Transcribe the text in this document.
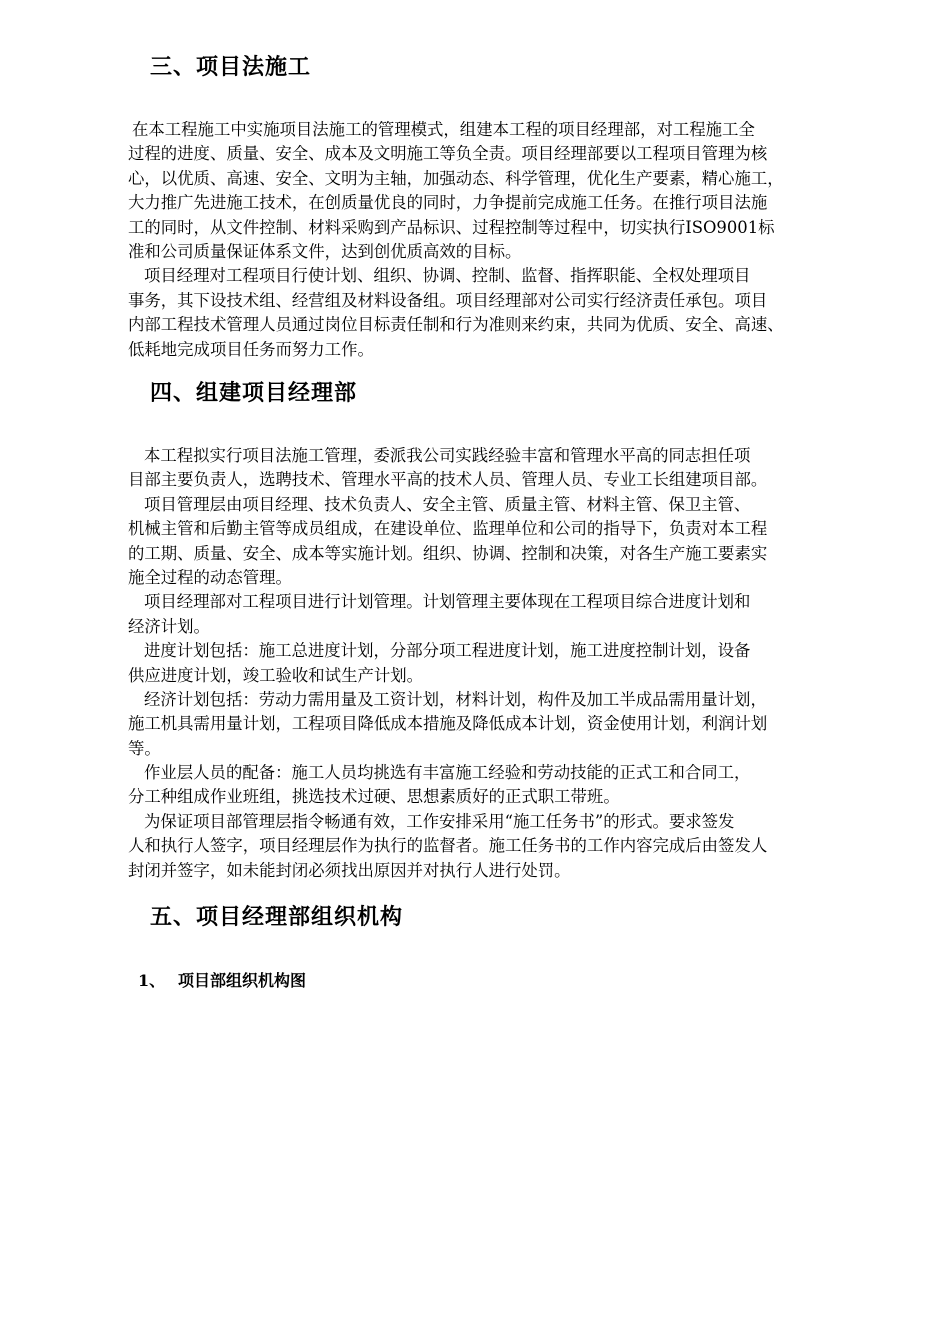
三、项目法施工
在本工程施工中实施项目法施工的管理模式，组建本工程的项目经理部，对工程施工全
过程的进度、质量、安全、成本及文明施工等负全责。项目经理部要以工程项目管理为核
心，以优质、高速、安全、文明为主轴，加强动态、科学管理，优化生产要素，精心施工，
大力推广先进施工技术，在创质量优良的同时，力争提前完成施工任务。在推行项目法施
工的同时，从文件控制、材料采购到产品标识、过程控制等过程中，切实执行ISO9001标
准和公司质量保证体系文件，达到创优质高效的目标。
项目经理对工程项目行使计划、组织、协调、控制、监督、指挥职能、全权处理项目
事务，其下设技术组、经营组及材料设备组。项目经理部对公司实行经济责任承包。项目
内部工程技术管理人员通过岗位目标责任制和行为准则来约束，共同为优质、安全、高速、
低耗地完成项目任务而努力工作。
四、组建项目经理部
本工程拟实行项目法施工管理，委派我公司实践经验丰富和管理水平高的同志担任项
目部主要负责人，选聘技术、管理水平高的技术人员、管理人员、专业工长组建项目部。
项目管理层由项目经理、技术负责人、安全主管、质量主管、材料主管、保卫主管、
机械主管和后勤主管等成员组成，在建设单位、监理单位和公司的指导下，负责对本工程
的工期、质量、安全、成本等实施计划。组织、协调、控制和决策，对各生产施工要素实
施全过程的动态管理。
项目经理部对工程项目进行计划管理。计划管理主要体现在工程项目综合进度计划和
经济计划。
进度计划包括：施工总进度计划，分部分项工程进度计划，施工进度控制计划，设备
供应进度计划，竣工验收和试生产计划。
经济计划包括：劳动力需用量及工资计划，材料计划，构件及加工半成品需用量计划，
施工机具需用量计划，工程项目降低成本措施及降低成本计划，资金使用计划，利润计划
等。
作业层人员的配备：施工人员均挑选有丰富施工经验和劳动技能的正式工和合同工，
分工种组成作业班组，挑选技术过硬、思想素质好的正式职工带班。
为保证项目部管理层指令畅通有效，工作安排采用“施工任务书”的形式。要求签发
人和执行人签字，项目经理层作为执行的监督者。施工任务书的工作内容完成后由签发人
封闭并签字，如未能封闭必须找出原因并对执行人进行处罚。
五、项目经理部组织机构
1、 项目部组织机构图
